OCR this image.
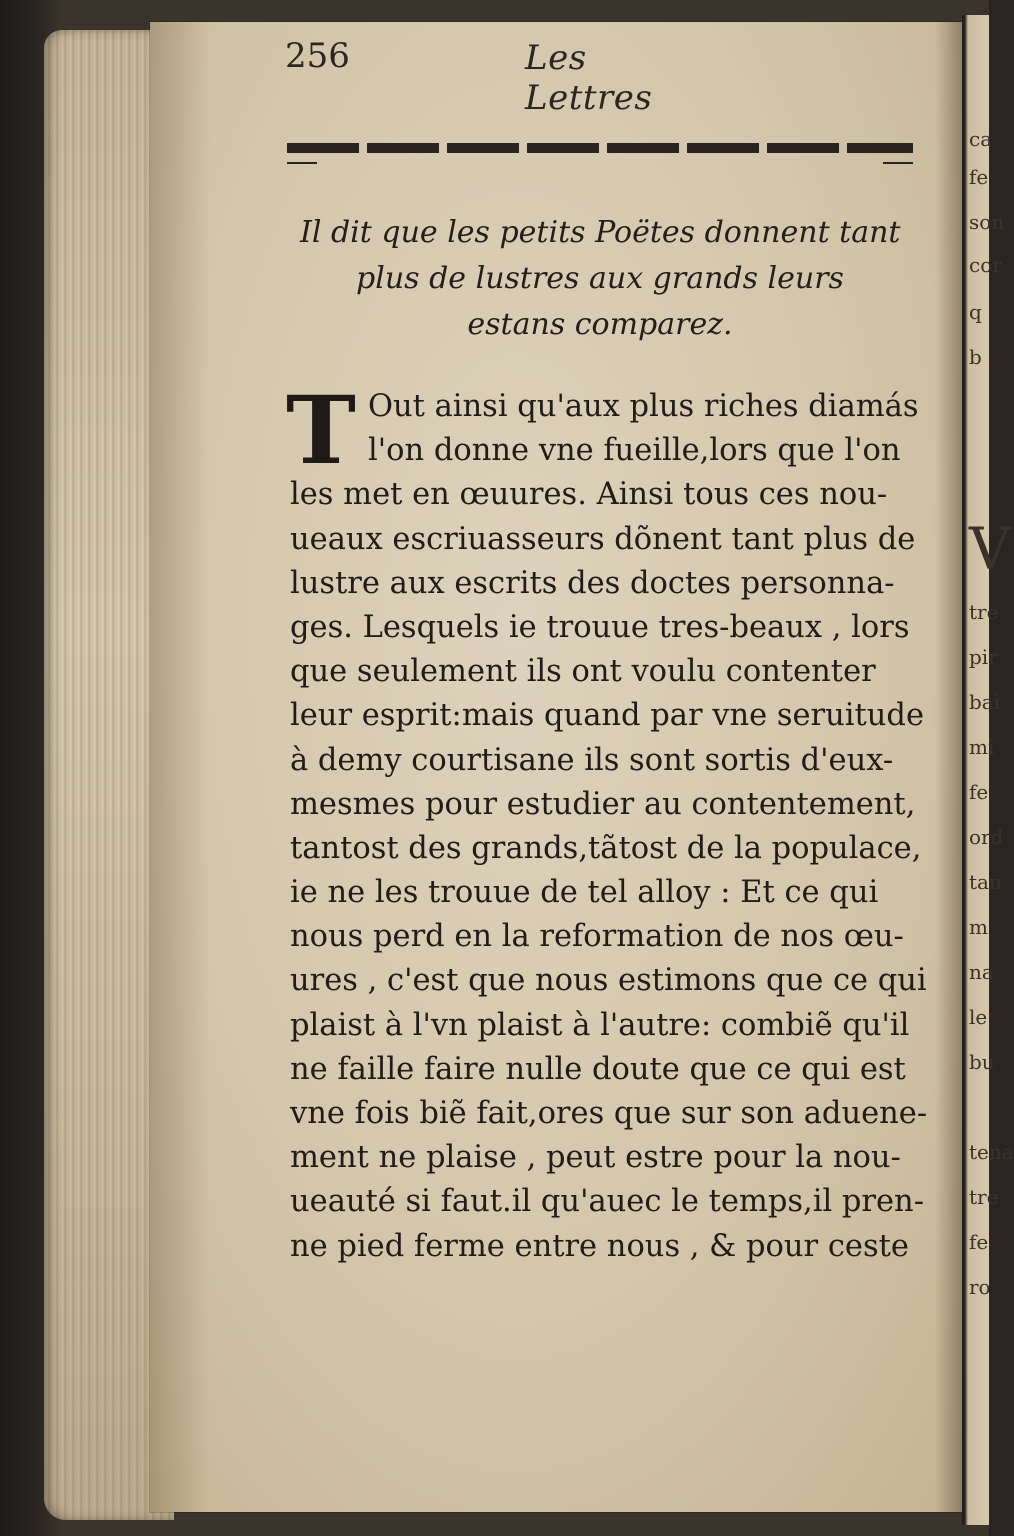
ca
fe
son
cor
q
b
V
tre
pir
bai
mi
fe
ord
tan
m
na
le
bu
tena
tre
fe
ro
256	Les Lettres
Il dit que les petits Poëtes donnent tant
plus de lustres aux grands leurs
estans comparez.
T Out ainsi qu'aux plus riches diamás
l'on donne vne fueille,lors que l'on
les met en œuures. Ainsi tous ces nou-
ueaux escriuasseurs dõnent tant plus de
lustre aux escrits des doctes personna-
ges. Lesquels ie trouue tres-beaux , lors
que seulement ils ont voulu contenter
leur esprit:mais quand par vne seruitude
à demy courtisane ils sont sortis d'eux-
mesmes pour estudier au contentement,
tantost des grands,tãtost de la populace,
ie ne les trouue de tel alloy : Et ce qui
nous perd en la reformation de nos œu-
ures , c'est que nous estimons que ce qui
plaist à l'vn plaist à l'autre: combiẽ qu'il
ne faille faire nulle doute que ce qui est
vne fois biẽ fait,ores que sur son aduene-
ment ne plaise , peut estre pour la nou-
ueauté si faut.il qu'auec le temps,il pren-
ne pied ferme entre nous , & pour ceste
